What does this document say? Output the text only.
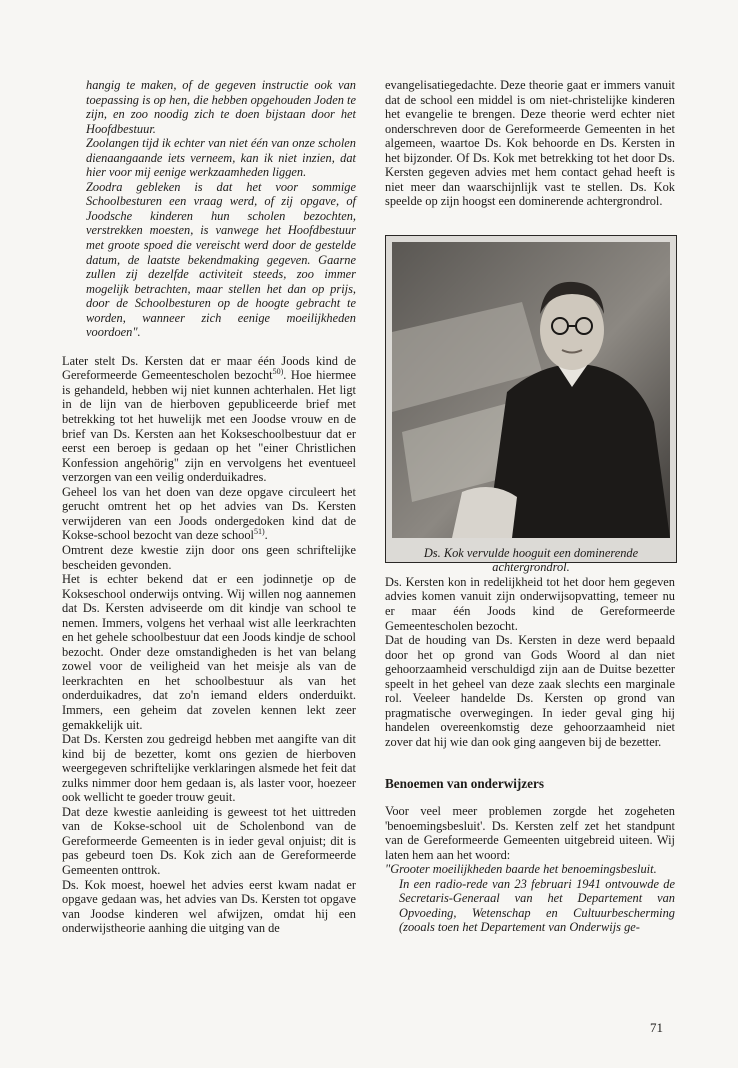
hangig te maken, of de gegeven instructie ook van toepassing is op hen, die hebben opgehouden Joden te zijn, en zoo noodig zich te doen bijstaan door het Hoofdbestuur.

Zoolangen tijd ik echter van niet één van onze scholen dienaangaande iets verneem, kan ik niet inzien, dat hier voor mij eenige werkzaamheden liggen.

Zoodra gebleken is dat het voor sommige Schoolbesturen een vraag werd, of zij opgave, of Joodsche kinderen hun scholen bezochten, verstrekken moesten, is vanwege het Hoofdbestuur met groote spoed die vereischt werd door de gestelde datum, de laatste bekendmaking gegeven. Gaarne zullen zij dezelfde activiteit steeds, zoo immer mogelijk betrachten, maar stellen het dan op prijs, door de Schoolbesturen op de hoogte gebracht te worden, wanneer zich eenige moeilijkheden voordoen".

Later stelt Ds. Kersten dat er maar één Joods kind de Gereformeerde Gemeentescholen bezocht$^{50)}$. Hoe hiermee is gehandeld, hebben wij niet kunnen achterhalen. Het ligt in de lijn van de hierboven gepubliceerde brief met betrekking tot het huwelijk met een Joodse vrouw en de brief van Ds. Kersten aan het Kokseschoolbestuur dat er eerst een beroep is gedaan op het "einer Christlichen Konfession angehörig" zijn en vervolgens het eventueel verzorgen van een veilig onderduikadres.

Geheel los van het doen van deze opgave circuleert het gerucht omtrent het op het advies van Ds. Kersten verwijderen van een Joods ondergedoken kind dat de Kokse-school bezocht van deze school$^{51)}$.

Omtrent deze kwestie zijn door ons geen schriftelijke bescheiden gevonden.

Het is echter bekend dat er een jodinnetje op de Kokseschool onderwijs ontving. Wij willen nog aannemen dat Ds. Kersten adviseerde om dit kindje van school te nemen. Immers, volgens het verhaal wist alle leerkrachten en het gehele schoolbestuur dat een Joods kindje de school bezocht. Onder deze omstandigheden is het van belang zowel voor de veiligheid van het meisje als van de leerkrachten en het schoolbestuur als van het onderduikadres, dat zo'n iemand elders onderduikt. Immers, een geheim dat zovelen kennen lekt zeer gemakkelijk uit.

Dat Ds. Kersten zou gedreigd hebben met aangifte van dit kind bij de bezetter, komt ons gezien de hierboven weergegeven schriftelijke verklaringen alsmede het feit dat zulks nimmer door hem gedaan is, als laster voor, hoezeer ook wellicht te goeder trouw geuit.

Dat deze kwestie aanleiding is geweest tot het uittreden van de Kokse-school uit de Scholenbond van de Gereformeerde Gemeenten is in ieder geval onjuist; dit is pas gebeurd toen Ds. Kok zich aan de Gereformeerde Gemeenten onttrok.

Ds. Kok moest, hoewel het advies eerst kwam nadat er opgave gedaan was, het advies van Ds. Kersten tot opgave van Joodse kinderen wel afwijzen, omdat hij een onderwijstheorie aanhing die uitging van de

evangelisatiegedachte. Deze theorie gaat er immers vanuit dat de school een middel is om niet-christelijke kinderen het evangelie te brengen. Deze theorie werd echter niet onderschreven door de Gereformeerde Gemeenten in het algemeen, waartoe Ds. Kok behoorde en Ds. Kersten in het bijzonder. Of Ds. Kok met betrekking tot het door Ds. Kersten gegeven advies met hem contact gehad heeft is niet meer dan waarschijnlijk vast te stellen. Ds. Kok speelde op zijn hoogst een dominerende achtergrondrol.

Ds. Kok vervulde hooguit een dominerende achtergrondrol.

Ds. Kersten kon in redelijkheid tot het door hem gegeven advies komen vanuit zijn onderwijsopvatting, temeer nu er maar één Joods kind de Gereformeerde Gemeentescholen bezocht.

Dat de houding van Ds. Kersten in deze werd bepaald door het op grond van Gods Woord al dan niet gehoorzaamheid verschuldigd zijn aan de Duitse bezetter speelt in het geheel van deze zaak slechts een marginale rol. Veeleer handelde Ds. Kersten op grond van pragmatische overwegingen. In ieder geval ging hij handelen overeenkomstig deze gehoorzaamheid niet zover dat hij wie dan ook ging aangeven bij de bezetter.

Benoemen van onderwijzers

Voor veel meer problemen zorgde het zogeheten 'benoemingsbesluit'. Ds. Kersten zelf zet het standpunt van de Gereformeerde Gemeenten uitgebreid uiteen. Wij laten hem aan het woord:

"Grooter moeilijkheden baarde het benoemingsbesluit.

In een radio-rede van 23 februari 1941 ontvouwde de Secretaris-Generaal van het Departement van Opvoeding, Wetenschap en Cultuurbescherming (zooals toen het Departement van Onderwijs ge-

71
